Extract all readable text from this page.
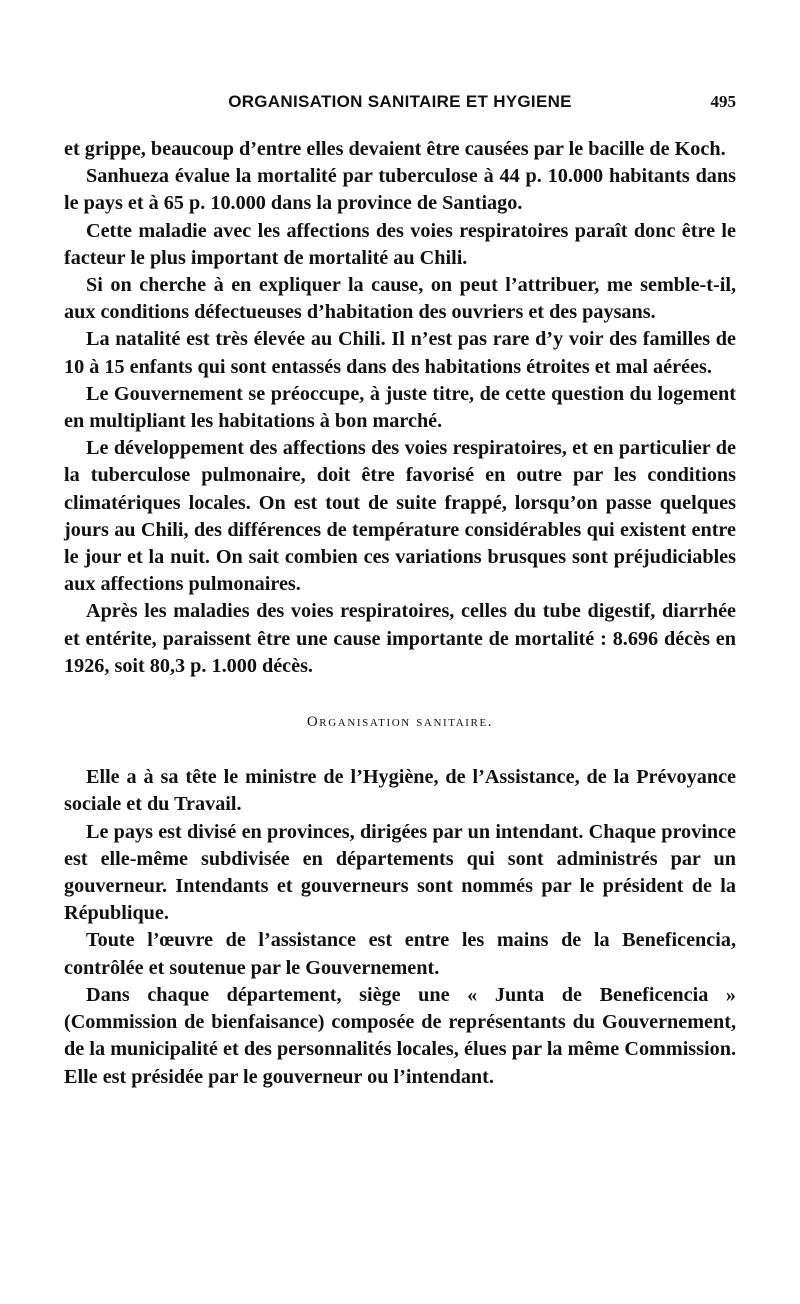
ORGANISATION SANITAIRE ET HYGIENE	495

et grippe, beaucoup d’entre elles devaient être causées par le bacille de Koch.

Sanhueza évalue la mortalité par tuberculose à 44 p. 10.000 habitants dans le pays et à 65 p. 10.000 dans la province de Santiago.

Cette maladie avec les affections des voies respiratoires paraît donc être le facteur le plus important de mortalité au Chili.

Si on cherche à en expliquer la cause, on peut l’attribuer, me semble-t-il, aux conditions défectueuses d’habitation des ouvriers et des paysans.

La natalité est très élevée au Chili. Il n’est pas rare d’y voir des familles de 10 à 15 enfants qui sont entassés dans des habitations étroites et mal aérées.

Le Gouvernement se préoccupe, à juste titre, de cette question du logement en multipliant les habitations à bon marché.

Le développement des affections des voies respiratoires, et en particulier de la tuberculose pulmonaire, doit être favorisé en outre par les conditions climatériques locales. On est tout de suite frappé, lorsqu’on passe quelques jours au Chili, des différences de température considérables qui existent entre le jour et la nuit. On sait combien ces variations brusques sont préjudiciables aux affections pulmonaires.

Après les maladies des voies respiratoires, celles du tube digestif, diarrhée et entérite, paraissent être une cause importante de mortalité : 8.696 décès en 1926, soit 80,3 p. 1.000 décès.

Organisation sanitaire.

Elle a à sa tête le ministre de l’Hygiène, de l’Assistance, de la Prévoyance sociale et du Travail.

Le pays est divisé en provinces, dirigées par un intendant. Chaque province est elle-même subdivisée en départements qui sont administrés par un gouverneur. Intendants et gouverneurs sont nommés par le président de la République.

Toute l’œuvre de l’assistance est entre les mains de la Beneficencia, contrôlée et soutenue par le Gouvernement.

Dans chaque département, siège une « Junta de Beneficencia » (Commission de bienfaisance) composée de représentants du Gouvernement, de la municipalité et des personnalités locales, élues par la même Commission. Elle est présidée par le gouverneur ou l’intendant.
